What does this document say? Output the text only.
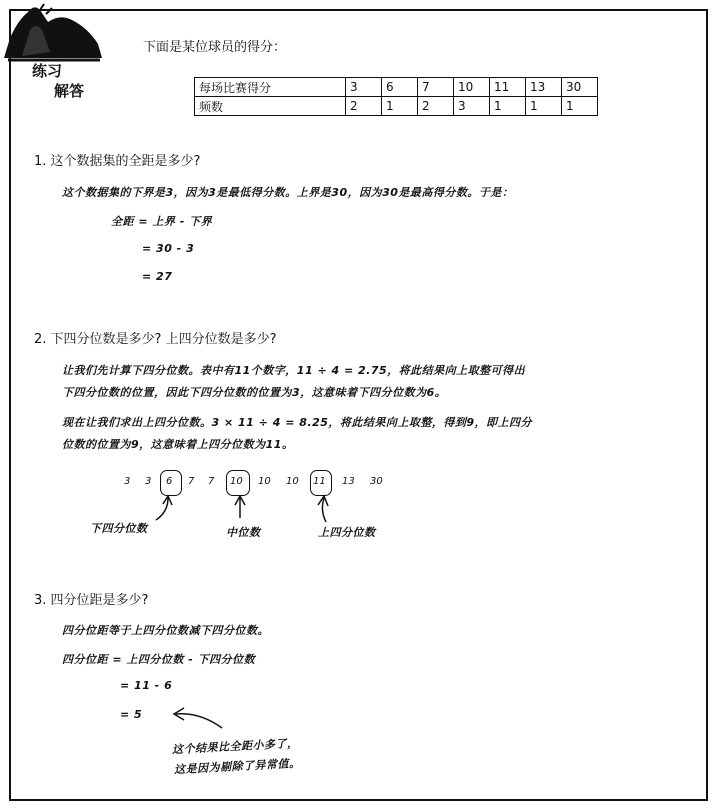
练习
解答
下面是某位球员的得分：
每场比赛得分	3	6	7	10	11	13	30
频数	2	1	2	3	1	1	1
1. 这个数据集的全距是多少?
这个数据集的下界是3，因为3是最低得分数。上界是30，因为30是最高得分数。于是：
全距 = 上界 - 下界
= 30 - 3
= 27
2. 下四分位数是多少? 上四分位数是多少?
让我们先计算下四分位数。表中有11个数字，11 ÷ 4 = 2.75，将此结果向上取整可得出
下四分位数的位置，因此下四分位数的位置为3，这意味着下四分位数为6。
现在让我们求出上四分位数。3 × 11 ÷ 4 = 8.25，将此结果向上取整，得到9，即上四分
位数的位置为9，这意味着上四分位数为11。
3 3 6 7 7 10 10 10 11 13 30
下四分位数	中位数	上四分位数
3. 四分位距是多少?
四分位距等于上四分位数减下四分位数。
四分位距 = 上四分位数 - 下四分位数
= 11 - 6
= 5
这个结果比全距小多了，
这是因为剔除了异常值。
